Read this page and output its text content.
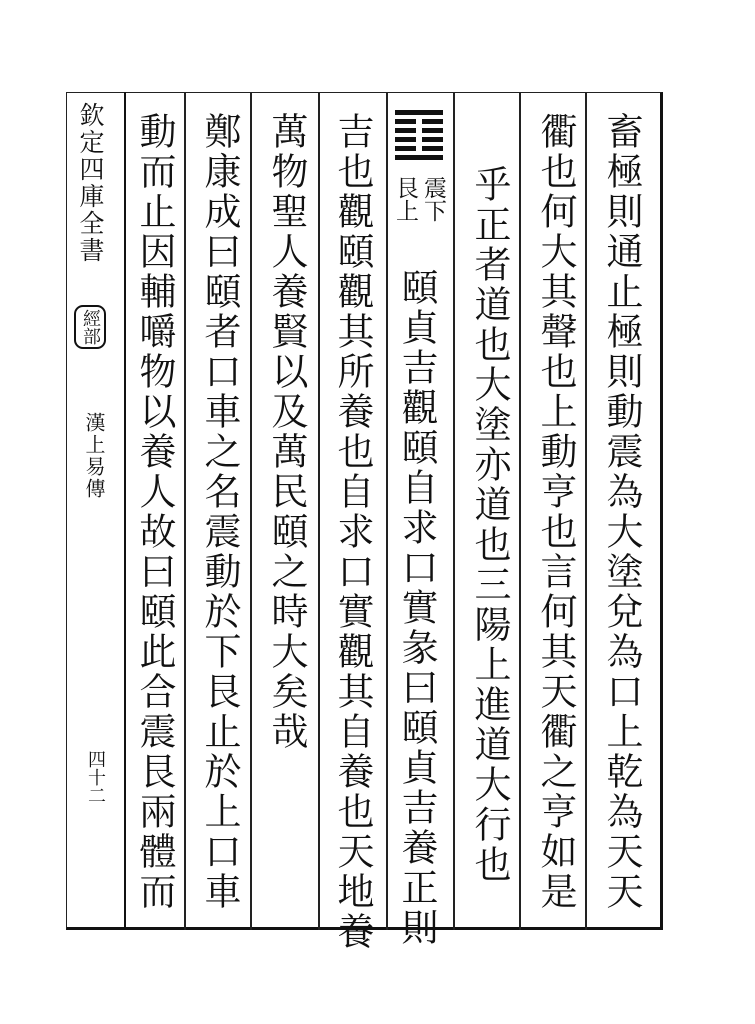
欽定四庫全書
經部
漢上易傳
四十二	畜極則通止極則動震為大塗兌為口上乾為天天
衢也何大其聲也上動亨也言何其天衢之亨如是
乎正者道也大塗亦道也三陽上進道大行也
震下
艮上
頤貞吉觀頤自求口實彖曰頤貞吉養正則
吉也觀頤觀其所養也自求口實觀其自養也天地養
萬物聖人養賢以及萬民頤之時大矣哉
鄭康成曰頤者口車之名震動於下艮止於上口車
動而止因輔嚼物以養人故曰頤此合震艮兩體而
